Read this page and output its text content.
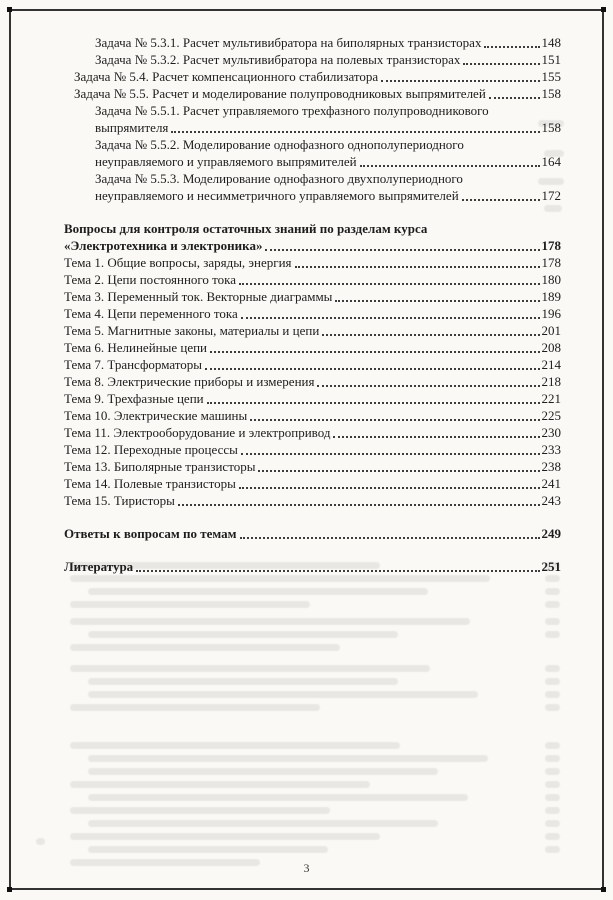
Задача № 5.3.1. Расчет мультивибратора на биполярных транзисторах	148
Задача № 5.3.2. Расчет мультивибратора на полевых транзисторах	151
Задача № 5.4. Расчет компенсационного стабилизатора	155
Задача № 5.5. Расчет и моделирование полупроводниковых выпрямителей	158
Задача № 5.5.1. Расчет управляемого трехфазного полупроводникового
выпрямителя	158
Задача № 5.5.2. Моделирование однофазного однополупериодного
неуправляемого и управляемого выпрямителей	164
Задача № 5.5.3. Моделирование однофазного двухполупериодного
неуправляемого и несимметричного управляемого выпрямителей	172
Вопросы для контроля остаточных знаний по разделам курса
«Электротехника и электроника»	178
Тема 1. Общие вопросы, заряды, энергия	178
Тема 2. Цепи постоянного тока	180
Тема 3. Переменный ток. Векторные диаграммы	189
Тема 4. Цепи переменного тока	196
Тема 5. Магнитные законы, материалы и цепи	201
Тема 6. Нелинейные цепи	208
Тема 7. Трансформаторы	214
Тема 8. Электрические приборы и измерения	218
Тема 9. Трехфазные цепи	221
Тема 10. Электрические машины	225
Тема 11. Электрооборудование и электропривод	230
Тема 12. Переходные процессы	233
Тема 13. Биполярные транзисторы	238
Тема 14. Полевые транзисторы	241
Тема 15. Тиристоры	243
Ответы к вопросам по темам	249
Литература	251
3
